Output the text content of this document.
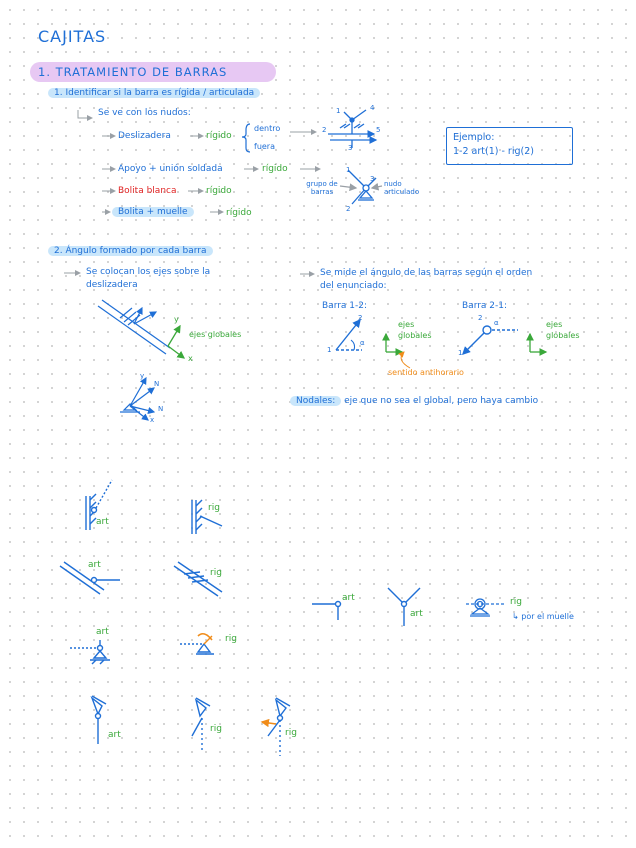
CAJITAS
1. TRATAMIENTO DE BARRAS
1. Identificar si la barra es rígida / articulada
Se ve con los nudos:
Deslizadera	rígido
dentro
fuera
Apoyo + unión soldada	rígido
Bolita blanca	rígido
Bolita + muelle	rígido
grupo de barras
nudo articulado
Ejemplo:
1-2 art(1) - rig(2)
2. Ángulo formado por cada barra
Se colocan los ejes sobre la
deslizadera
ejes globales
Se mide el ángulo de las barras según el orden
del enunciado:
Barra 1-2:	Barra 2-1:
ejes
globales
ejes
globales
sentido antihorario
Nodales: eje que no sea el global, pero haya cambio
y
x
y
N
N
x
2
1
α
2
1
α
1	4
2	5
3
1
2
3
art
rig
art
rig
art
art
rig
↳ por el muelle
art
rig
art
rig	rig
